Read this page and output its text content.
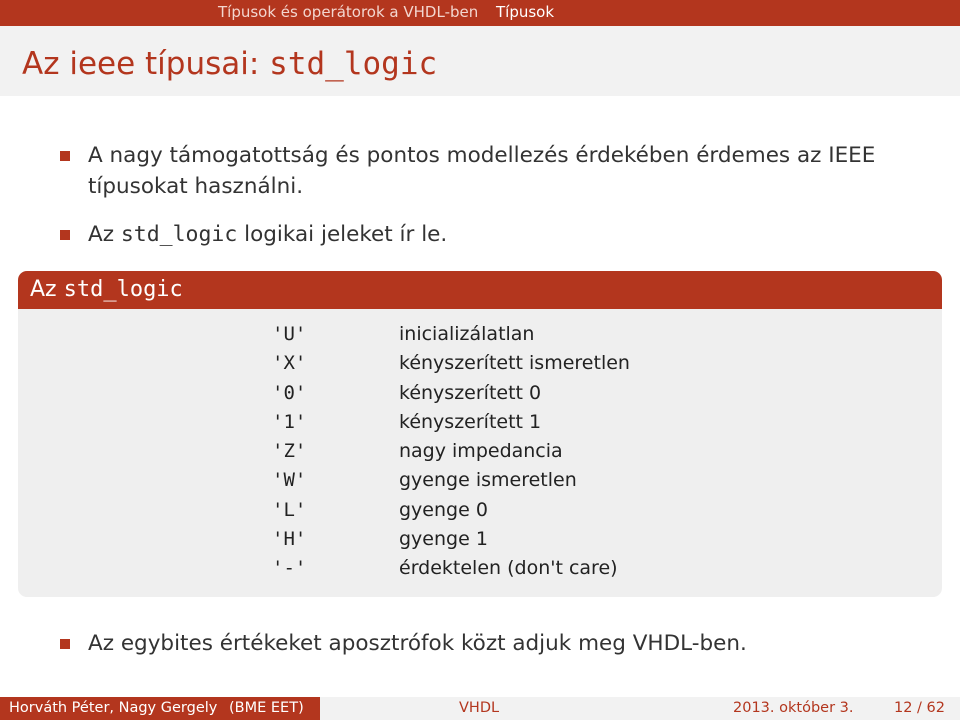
Típusok és operátorok a VHDL-ben Típusok
Az ieee típusai: std_logic
A nagy támogatottság és pontos modellezés érdekében érdemes az IEEE típusokat használni.
Az std_logic logikai jeleket ír le.
Az std_logic
'U'	inicializálatlan
'X'	kényszerített ismeretlen
'0'	kényszerített 0
'1'	kényszerített 1
'Z'	nagy impedancia
'W'	gyenge ismeretlen
'L'	gyenge 0
'H'	gyenge 1
'-'	érdektelen (don't care)
Az egybites értékeket aposztrófok közt adjuk meg VHDL-ben.
Horváth Péter, Nagy Gergely (BME EET)	VHDL	2013. október 3.	12 / 62
